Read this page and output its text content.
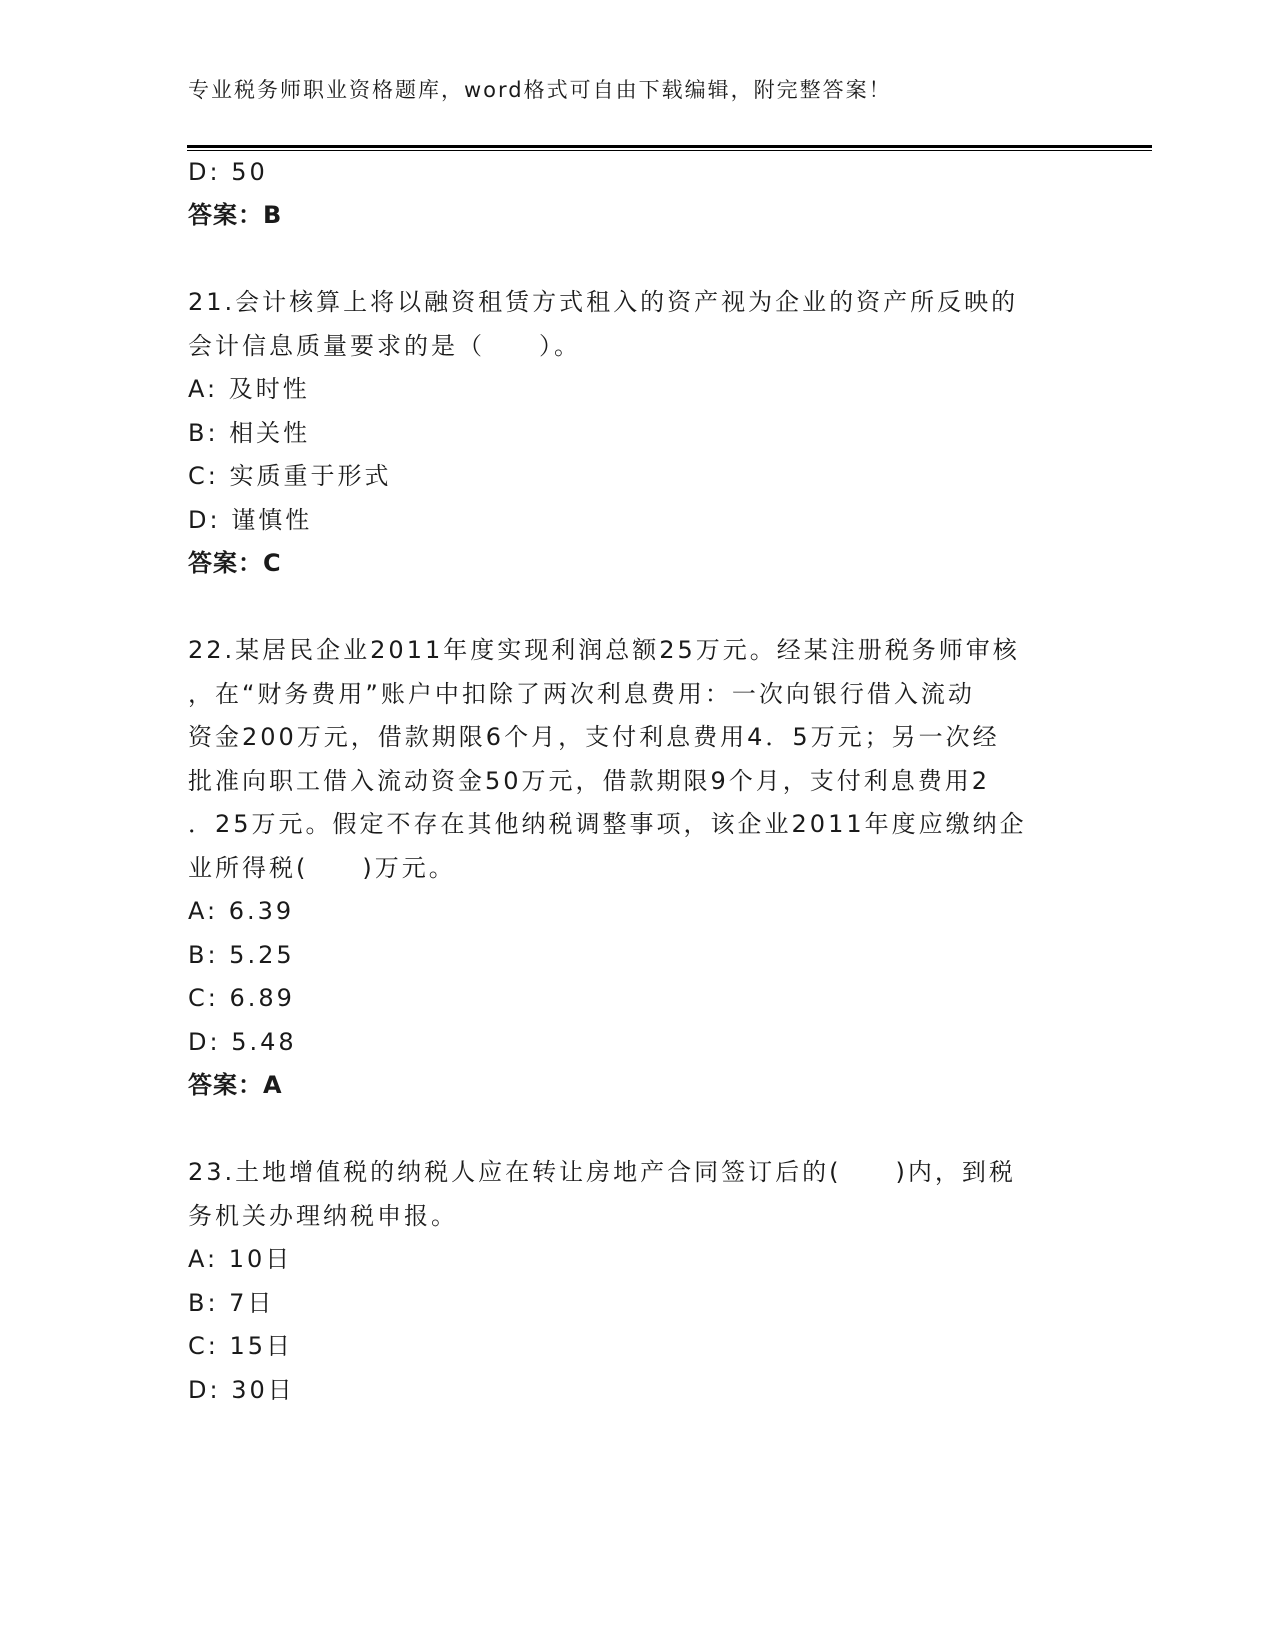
专业税务师职业资格题库，word格式可自由下载编辑，附完整答案！
D: 50
答案：B
21.会计核算上将以融资租赁方式租入的资产视为企业的资产所反映的
会计信息质量要求的是（　　）。
A: 及时性
B: 相关性
C: 实质重于形式
D: 谨慎性
答案：C
22.某居民企业2011年度实现利润总额25万元。经某注册税务师审核
，在“财务费用”账户中扣除了两次利息费用：一次向银行借入流动
资金200万元，借款期限6个月，支付利息费用4．5万元；另一次经
批准向职工借入流动资金50万元，借款期限9个月，支付利息费用2
．25万元。假定不存在其他纳税调整事项，该企业2011年度应缴纳企
业所得税(　　)万元。
A: 6.39
B: 5.25
C: 6.89
D: 5.48
答案：A
23.土地增值税的纳税人应在转让房地产合同签订后的(　　)内，到税
务机关办理纳税申报。
A: 10日
B: 7日
C: 15日
D: 30日
